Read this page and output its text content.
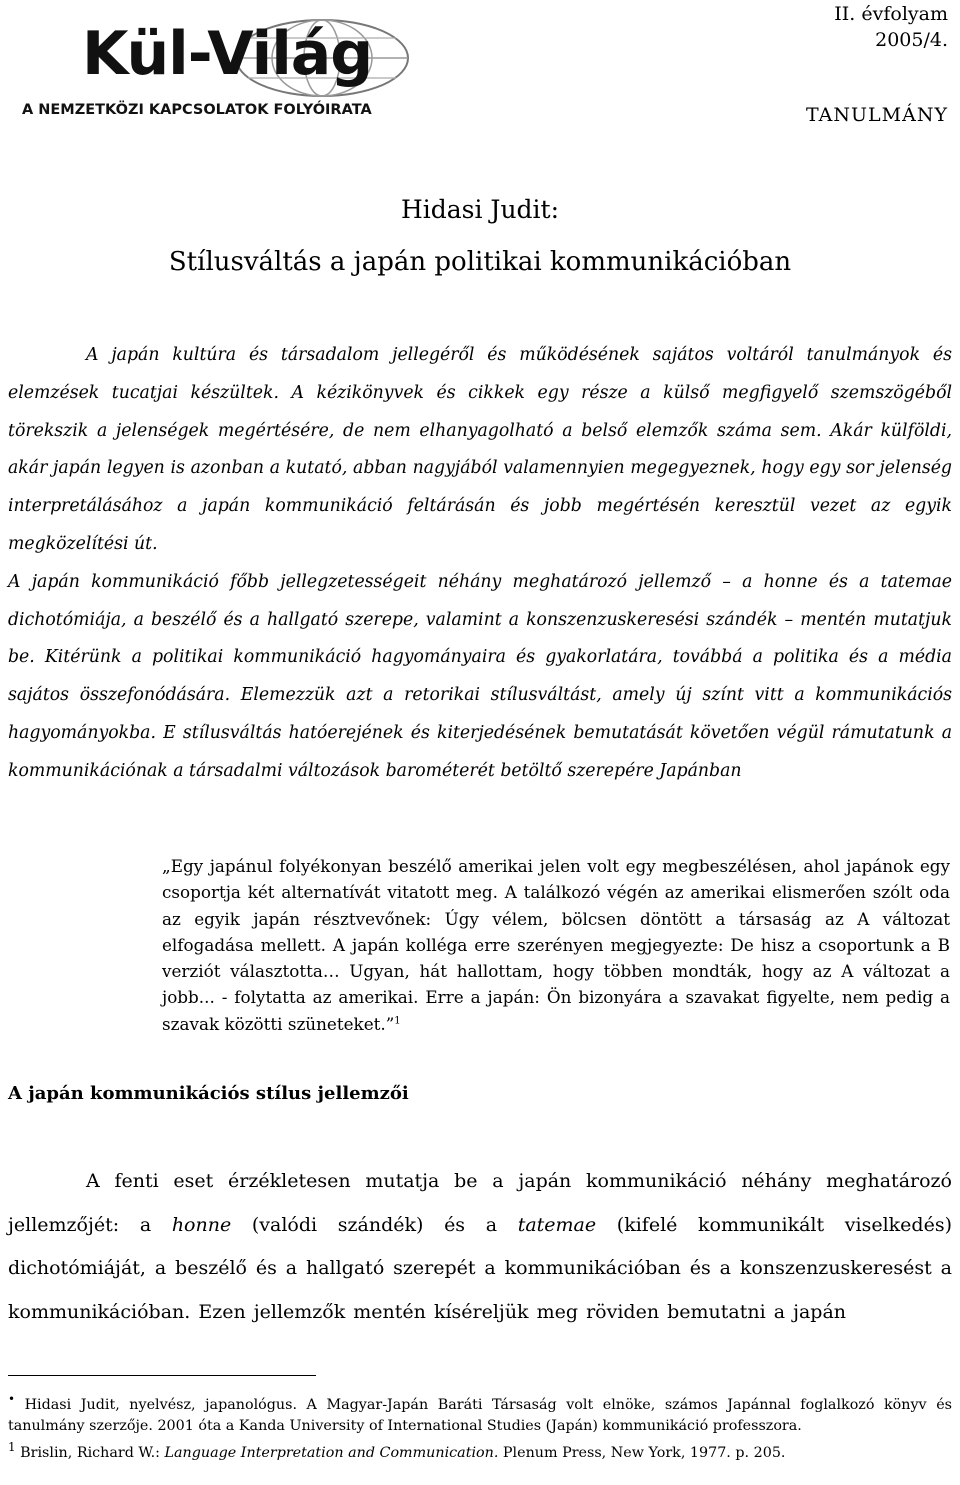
Kül-Világ
A NEMZETKÖZI KAPCSOLATOK FOLYÓIRATA
II. évfolyam
2005/4.
TANULMÁNY
Hidasi Judit:
Stílusváltás a japán politikai kommunikációban

A japán kultúra és társadalom jellegéről és működésének sajátos voltáról tanulmányok és elemzések tucatjai készültek. A kézikönyvek és cikkek egy része a külső megfigyelő szemszögéből törekszik a jelenségek megértésére, de nem elhanyagolható a belső elemzők száma sem. Akár külföldi, akár japán legyen is azonban a kutató, abban nagyjából valamennyien megegyeznek, hogy egy sor jelenség interpretálásához a japán kommunikáció feltárásán és jobb megértésén keresztül vezet az egyik megközelítési út.

A japán kommunikáció főbb jellegzetességeit néhány meghatározó jellemző – a honne és a tatemae dichotómiája, a beszélő és a hallgató szerepe, valamint a konszenzuskeresési szándék – mentén mutatjuk be. Kitérünk a politikai kommunikáció hagyományaira és gyakorlatára, továbbá a politika és a média sajátos összefonódására. Elemezzük azt a retorikai stílusváltást, amely új színt vitt a kommunikációs hagyományokba. E stílusváltás hatóerejének és kiterjedésének bemutatását követően végül rámutatunk a kommunikációnak a társadalmi változások barométerét betöltő szerepére Japánban

„Egy japánul folyékonyan beszélő amerikai jelen volt egy megbeszélésen, ahol japánok egy csoportja két alternatívát vitatott meg. A találkozó végén az amerikai elismerően szólt oda az egyik japán résztvevőnek: Úgy vélem, bölcsen döntött a társaság az A változat elfogadása mellett. A japán kolléga erre szerényen megjegyezte: De hisz a csoportunk a B verziót választotta… Ugyan, hát hallottam, hogy többen mondták, hogy az A változat a jobb... - folytatta az amerikai. Erre a japán: Ön bizonyára a szavakat figyelte, nem pedig a szavak közötti szüneteket.”$^1$
A japán kommunikációs stílus jellemzői

A fenti eset érzékletesen mutatja be a japán kommunikáció néhány meghatározó jellemzőjét: a honne (valódi szándék) és a tatemae (kifelé kommunikált viselkedés) dichotómiáját, a beszélő és a hallgató szerepét a kommunikációban és a konszenzuskeresést a kommunikációban. Ezen jellemzők mentén kíséreljük meg röviden bemutatni a japán

• Hidasi Judit, nyelvész, japanológus. A Magyar-Japán Baráti Társaság volt elnöke, számos Japánnal foglalkozó könyv és tanulmány szerzője. 2001 óta a Kanda University of International Studies (Japán) kommunikáció professzora.

$^1$ Brislin, Richard W.: Language Interpretation and Communication. Plenum Press, New York, 1977. p. 205.
